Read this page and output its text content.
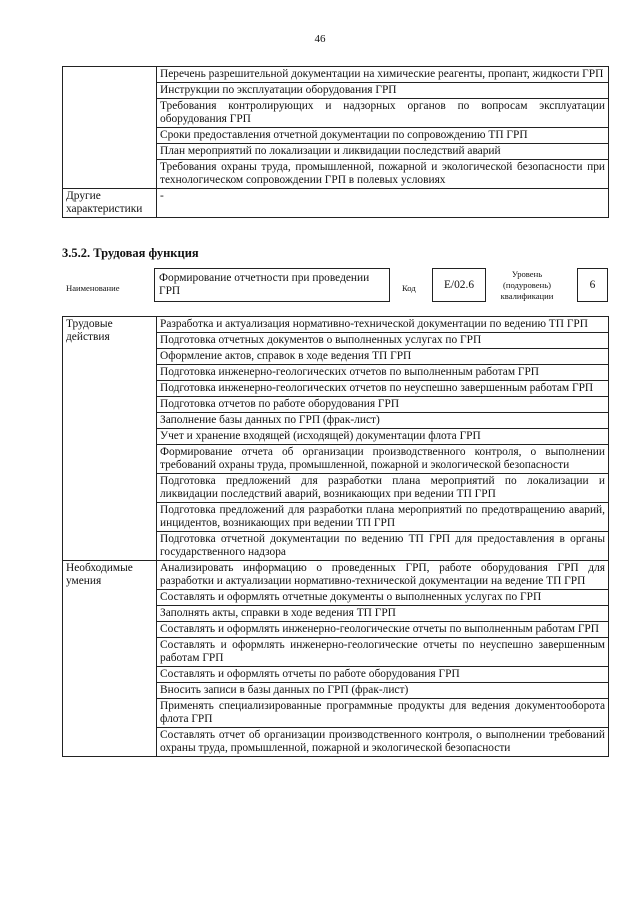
46
	Перечень разрешительной документации на химические реагенты, пропант, жидкости ГРП
	Инструкции по эксплуатации оборудования ГРП
	Требования контролирующих и надзорных органов по вопросам эксплуатации оборудования ГРП
	Сроки предоставления отчетной документации по сопровождению ТП ГРП
	План мероприятий по локализации и ликвидации последствий аварий
	Требования охраны труда, промышленной, пожарной и экологической безопасности при технологическом сопровождении ГРП в полевых условиях
Другие характеристики	-
3.5.2. Трудовая функция
Наименование
Формирование отчетности при проведении ГРП	Код	E/02.6
Уровень (подуровень) квалификации
6
Трудовые действия	Разработка и актуализация нормативно-технической документации по ведению ТП ГРП
	Подготовка отчетных документов о выполненных услугах по ГРП
	Оформление актов, справок в ходе ведения ТП ГРП
	Подготовка инженерно-геологических отчетов по выполненным работам ГРП
	Подготовка инженерно-геологических отчетов по неуспешно завершенным работам ГРП
	Подготовка отчетов по работе оборудования ГРП
	Заполнение базы данных по ГРП (фрак-лист)
	Учет и хранение входящей (исходящей) документации флота ГРП
	Формирование отчета об организации производственного контроля, о выполнении требований охраны труда, промышленной, пожарной и экологической безопасности
	Подготовка предложений для разработки плана мероприятий по локализации и ликвидации последствий аварий, возникающих при ведении ТП ГРП
	Подготовка предложений для разработки плана мероприятий по предотвращению аварий, инцидентов, возникающих при ведении ТП ГРП
	Подготовка отчетной документации по ведению ТП ГРП для предоставления в органы государственного надзора
Необходимые умения	Анализировать информацию о проведенных ГРП, работе оборудования ГРП для разработки и актуализации нормативно-технической документации на ведение ТП ГРП
	Составлять и оформлять отчетные документы о выполненных услугах по ГРП
	Заполнять акты, справки в ходе ведения ТП ГРП
	Составлять и оформлять инженерно-геологические отчеты по выполненным работам ГРП
	Составлять и оформлять инженерно-геологические отчеты по неуспешно завершенным работам ГРП
	Составлять и оформлять отчеты по работе оборудования ГРП
	Вносить записи в базы данных по ГРП (фрак-лист)
	Применять специализированные программные продукты для ведения документооборота флота ГРП
	Составлять отчет об организации производственного контроля, о выполнении требований охраны труда, промышленной, пожарной и экологической безопасности
